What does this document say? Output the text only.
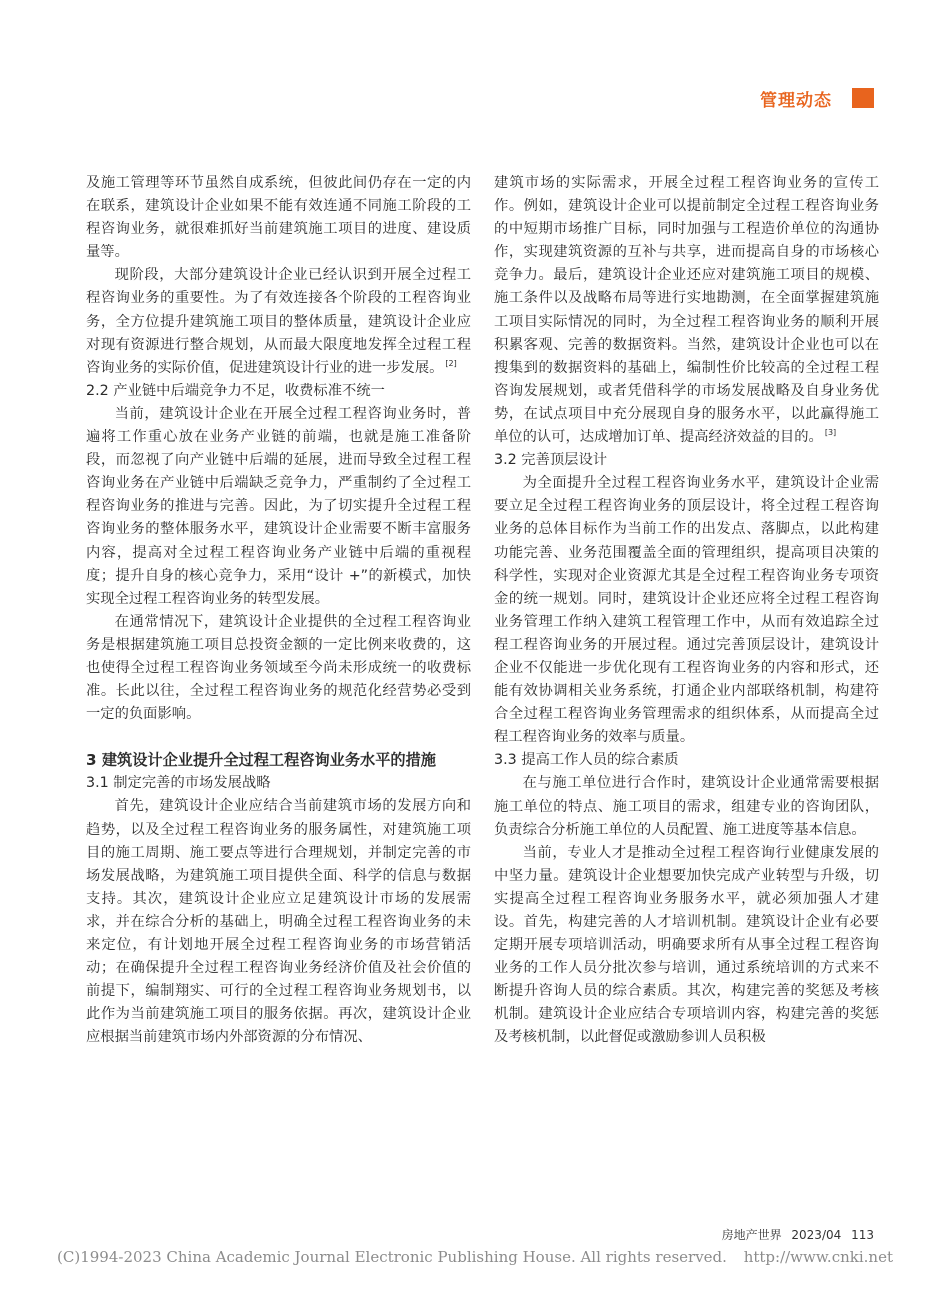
管理动态

及施工管理等环节虽然自成系统，但彼此间仍存在一定的内在联系，建筑设计企业如果不能有效连通不同施工阶段的工程咨询业务，就很难抓好当前建筑施工项目的进度、建设质量等。

现阶段，大部分建筑设计企业已经认识到开展全过程工程咨询业务的重要性。为了有效连接各个阶段的工程咨询业务，全方位提升建筑施工项目的整体质量，建筑设计企业应对现有资源进行整合规划，从而最大限度地发挥全过程工程咨询业务的实际价值，促进建筑设计行业的进一步发展。 [2]

2.2 产业链中后端竞争力不足，收费标准不统一

当前，建筑设计企业在开展全过程工程咨询业务时，普遍将工作重心放在业务产业链的前端，也就是施工准备阶段，而忽视了向产业链中后端的延展，进而导致全过程工程咨询业务在产业链中后端缺乏竞争力，严重制约了全过程工程咨询业务的推进与完善。因此，为了切实提升全过程工程咨询业务的整体服务水平，建筑设计企业需要不断丰富服务内容，提高对全过程工程咨询业务产业链中后端的重视程度；提升自身的核心竞争力，采用“设计 +”的新模式，加快实现全过程工程咨询业务的转型发展。

在通常情况下，建筑设计企业提供的全过程工程咨询业务是根据建筑施工项目总投资金额的一定比例来收费的，这也使得全过程工程咨询业务领域至今尚未形成统一的收费标准。长此以往，全过程工程咨询业务的规范化经营势必受到一定的负面影响。

3 建筑设计企业提升全过程工程咨询业务水平的措施

3.1 制定完善的市场发展战略

首先，建筑设计企业应结合当前建筑市场的发展方向和趋势，以及全过程工程咨询业务的服务属性，对建筑施工项目的施工周期、施工要点等进行合理规划，并制定完善的市场发展战略，为建筑施工项目提供全面、科学的信息与数据支持。其次，建筑设计企业应立足建筑设计市场的发展需求，并在综合分析的基础上，明确全过程工程咨询业务的未来定位，有计划地开展全过程工程咨询业务的市场营销活动；在确保提升全过程工程咨询业务经济价值及社会价值的前提下，编制翔实、可行的全过程工程咨询业务规划书，以此作为当前建筑施工项目的服务依据。再次，建筑设计企业应根据当前建筑市场内外部资源的分布情况、

建筑市场的实际需求，开展全过程工程咨询业务的宣传工作。例如，建筑设计企业可以提前制定全过程工程咨询业务的中短期市场推广目标，同时加强与工程造价单位的沟通协作，实现建筑资源的互补与共享，进而提高自身的市场核心竞争力。最后，建筑设计企业还应对建筑施工项目的规模、施工条件以及战略布局等进行实地勘测，在全面掌握建筑施工项目实际情况的同时，为全过程工程咨询业务的顺利开展积累客观、完善的数据资料。当然，建筑设计企业也可以在搜集到的数据资料的基础上，编制性价比较高的全过程工程咨询发展规划，或者凭借科学的市场发展战略及自身业务优势，在试点项目中充分展现自身的服务水平，以此赢得施工单位的认可，达成增加订单、提高经济效益的目的。 [3]

3.2 完善顶层设计

为全面提升全过程工程咨询业务水平，建筑设计企业需要立足全过程工程咨询业务的顶层设计，将全过程工程咨询业务的总体目标作为当前工作的出发点、落脚点，以此构建功能完善、业务范围覆盖全面的管理组织，提高项目决策的科学性，实现对企业资源尤其是全过程工程咨询业务专项资金的统一规划。同时，建筑设计企业还应将全过程工程咨询业务管理工作纳入建筑工程管理工作中，从而有效追踪全过程工程咨询业务的开展过程。通过完善顶层设计，建筑设计企业不仅能进一步优化现有工程咨询业务的内容和形式，还能有效协调相关业务系统，打通企业内部联络机制，构建符合全过程工程咨询业务管理需求的组织体系，从而提高全过程工程咨询业务的效率与质量。

3.3 提高工作人员的综合素质

在与施工单位进行合作时，建筑设计企业通常需要根据施工单位的特点、施工项目的需求，组建专业的咨询团队，负责综合分析施工单位的人员配置、施工进度等基本信息。

当前，专业人才是推动全过程工程咨询行业健康发展的中坚力量。建筑设计企业想要加快完成产业转型与升级，切实提高全过程工程咨询业务服务水平，就必须加强人才建设。首先，构建完善的人才培训机制。建筑设计企业有必要定期开展专项培训活动，明确要求所有从事全过程工程咨询业务的工作人员分批次参与培训，通过系统培训的方式来不断提升咨询人员的综合素质。其次，构建完善的奖惩及考核机制。建筑设计企业应结合专项培训内容，构建完善的奖惩及考核机制，以此督促或激励参训人员积极

房地产世界 2023/04 113
(C)1994-2023 China Academic Journal Electronic Publishing House. All rights reserved. http://www.cnki.net
